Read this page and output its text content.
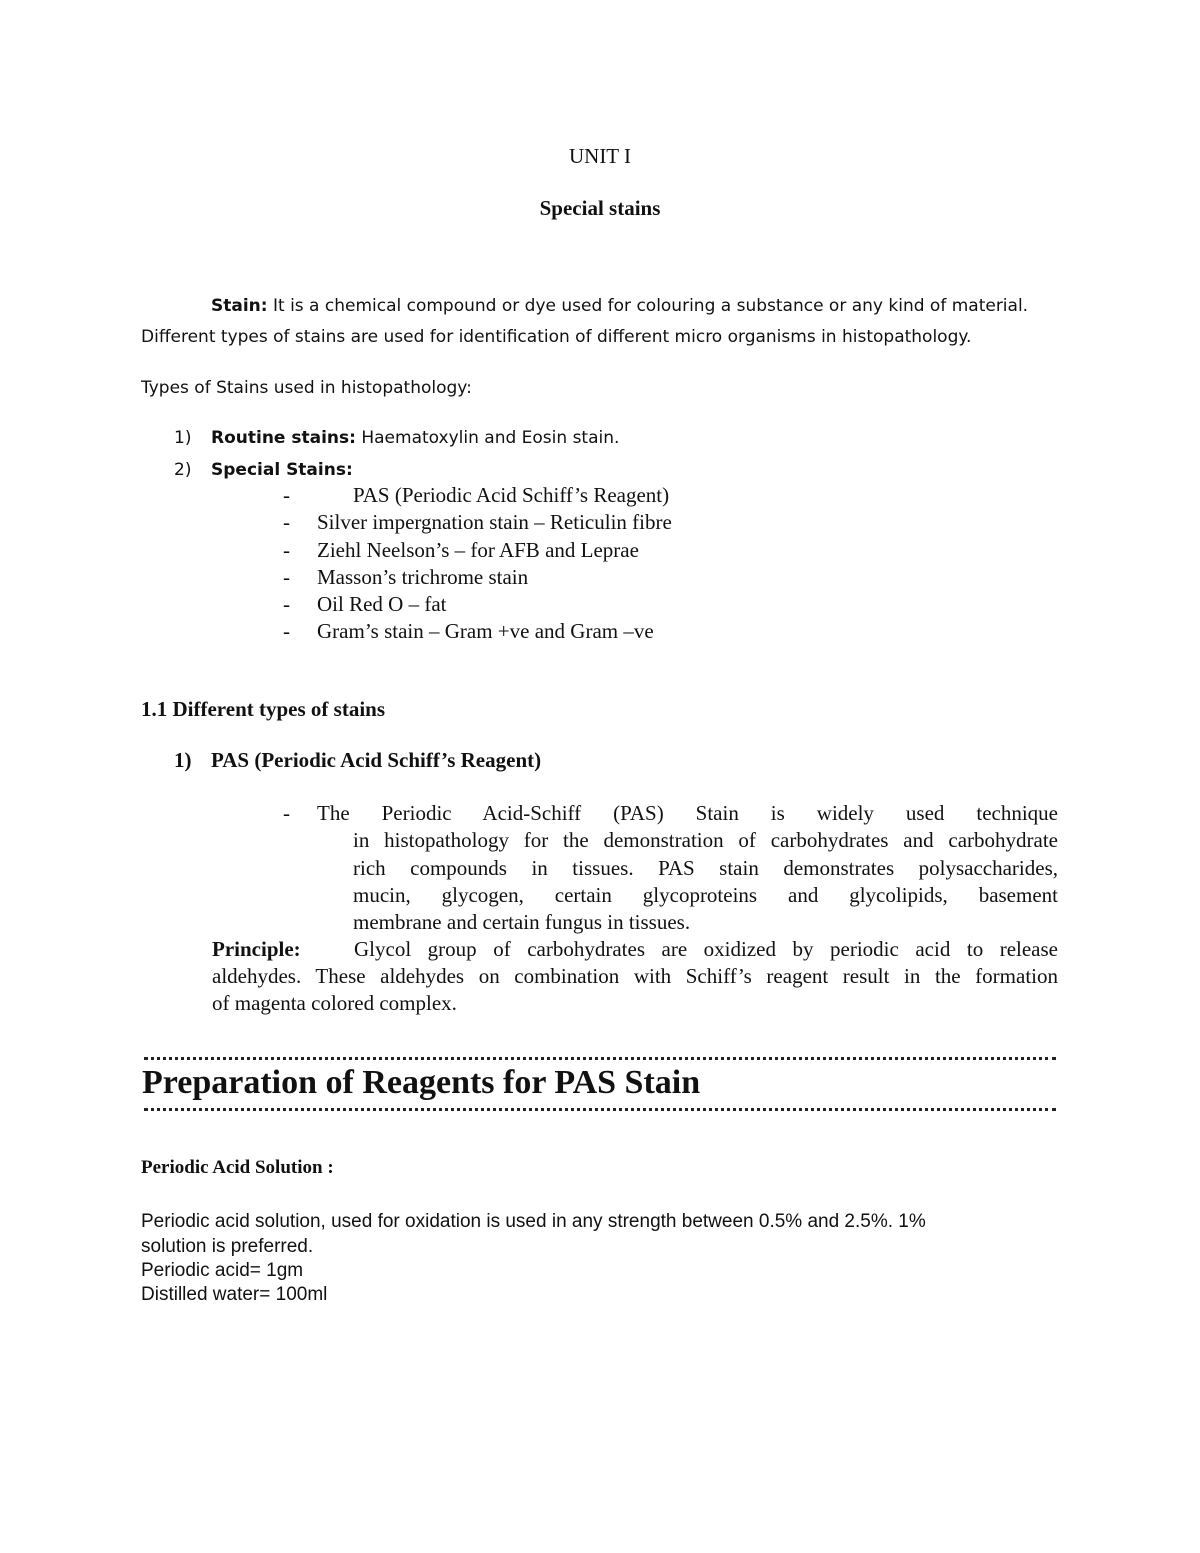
UNIT I
Special stains
Stain: It is a chemical compound or dye used for colouring a substance or any kind of material.
Different types of stains are used for identification of different micro organisms in histopathology.
Types of Stains used in histopathology:
1) Routine stains: Haematoxylin and Eosin stain.
2) Special Stains:
-	PAS (Periodic Acid Schiff’s Reagent)
- Silver impergnation stain – Reticulin fibre
- Ziehl Neelson’s – for AFB and Leprae
- Masson’s trichrome stain
- Oil Red O – fat
- Gram’s stain – Gram +ve and Gram –ve
1.1 Different types of stains
1) PAS (Periodic Acid Schiff’s Reagent)
- The Periodic Acid-Schiff (PAS) Stain is widely used technique
in histopathology for the demonstration of carbohydrates and carbohydrate
rich compounds in tissues. PAS stain demonstrates polysaccharides,
mucin, glycogen, certain glycoproteins and glycolipids, basement
membrane and certain fungus in tissues.
Principle:	Glycol group of carbohydrates are oxidized by periodic acid to release
aldehydes. These aldehydes on combination with Schiff’s reagent result in the formation
of magenta colored complex.
Preparation of Reagents for PAS Stain
Periodic Acid Solution :
Periodic acid solution, used for oxidation is used in any strength between 0.5% and 2.5%. 1%
solution is preferred.
Periodic acid= 1gm
Distilled water= 100ml
